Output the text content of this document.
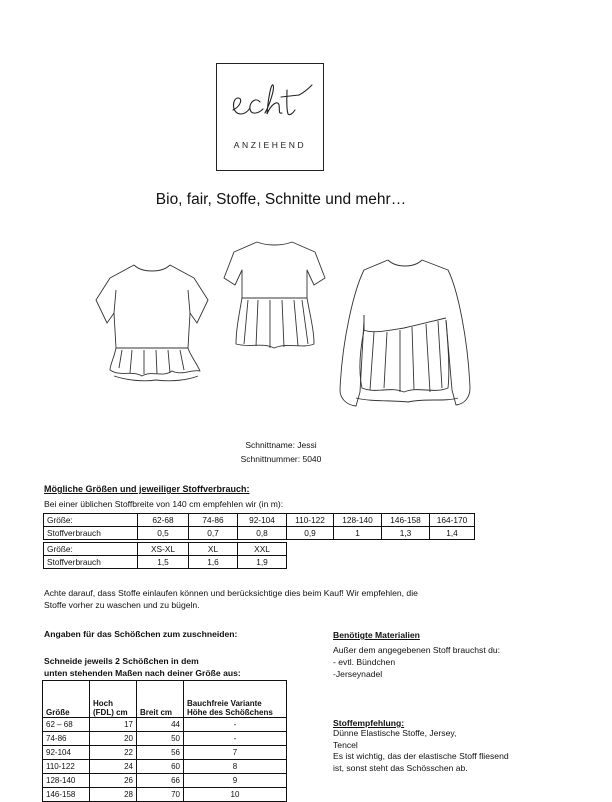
ANZIEHEND
Bio, fair, Stoffe, Schnitte und mehr…
Schnittname: Jessi
Schnittnummer: 5040
Mögliche Größen und jeweiliger Stoffverbrauch:
Bei einer üblichen Stoffbreite von 140 cm empfehlen wir (in m):
Größe:	62-68	74-86	92-104	110-122	128-140	146-158	164-170
Stoffverbrauch	0,5	0,7	0,8	0,9	1	1,3	1,4
Größe:	XS-XL	XL	XXL
Stoffverbrauch	1,5	1,6	1,9
Achte darauf, dass Stoffe einlaufen können und berücksichtige dies beim Kauf! Wir empfehlen, die
Stoffe vorher zu waschen und zu bügeln.
Angaben für das Schößchen zum zuschneiden:
Schneide jeweils 2 Schößchen in dem
unten stehenden Maßen nach deiner Größe aus:
Größe	Hoch (FDL) cm	Breit cm	Bauchfreie Variante Höhe des Schößchens
62 – 68	17	44	-
74-86	20	50	-
92-104	22	56	7
110-122	24	60	8
128-140	26	66	9
146-158	28	70	10
Benötigte Materialien
Außer dem angegebenen Stoff brauchst du:
- evtl. Bündchen
-Jerseynadel
Stoffempfehlung:
Dünne Elastische Stoffe, Jersey,
Tencel
Es ist wichtig, das der elastische Stoff fliesend
ist, sonst steht das Schösschen ab.
